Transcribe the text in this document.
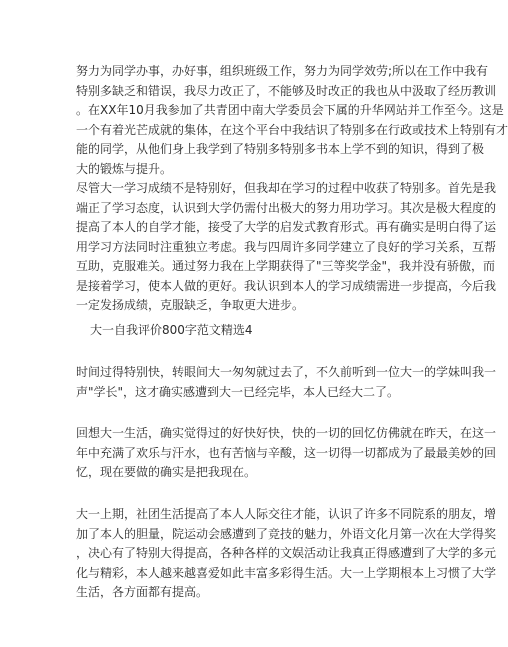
努力为同学办事，办好事，组织班级工作，努力为同学效劳;所以在工作中我有
特别多缺乏和错误，我尽力改正了，不能够及时改正的我也从中汲取了经历教训
。在XX年10月我参加了共青团中南大学委员会下属的升华网站并工作至今。这是
一个有着光芒成就的集体，在这个平台中我结识了特别多在行政或技术上特别有才
能的同学，从他们身上我学到了特别多特别多书本上学不到的知识，得到了极
大的锻炼与提升。
尽管大一学习成绩不是特别好，但我却在学习的过程中收获了特别多。首先是我
端正了学习态度，认识到大学仍需付出极大的努力用功学习。其次是极大程度的
提高了本人的自学才能，接受了大学的启发式教育形式。再有确实是明白得了运
用学习方法同时注重独立考虑。我与四周许多同学建立了良好的学习关系，互帮
互助，克服难关。通过努力我在上学期获得了"三等奖学金"，我并没有骄傲，而
是接着学习，使本人做的更好。我认识到本人的学习成绩需进一步提高，今后我
一定发扬成绩，克服缺乏，争取更大进步。
大一自我评价800字范文精选4
时间过得特别快，转眼间大一匆匆就过去了，不久前听到一位大一的学妹叫我一
声"学长"，这才确实感遭到大一已经完毕，本人已经大二了。
回想大一生活，确实觉得过的好快好快，快的一切的回忆仿佛就在昨天，在这一
年中充满了欢乐与汗水，也有苦恼与辛酸，这一切得一切都成为了最最美妙的回
忆，现在要做的确实是把我现在。
大一上期，社团生活提高了本人人际交往才能，认识了许多不同院系的朋友，增
加了本人的胆量，院运动会感遭到了竞技的魅力，外语文化月第一次在大学得奖
，决心有了特别大得提高，各种各样的文娱活动让我真正得感遭到了大学的多元
化与精彩，本人越来越喜爱如此丰富多彩得生活。大一上学期根本上习惯了大学
生活，各方面都有提高。
